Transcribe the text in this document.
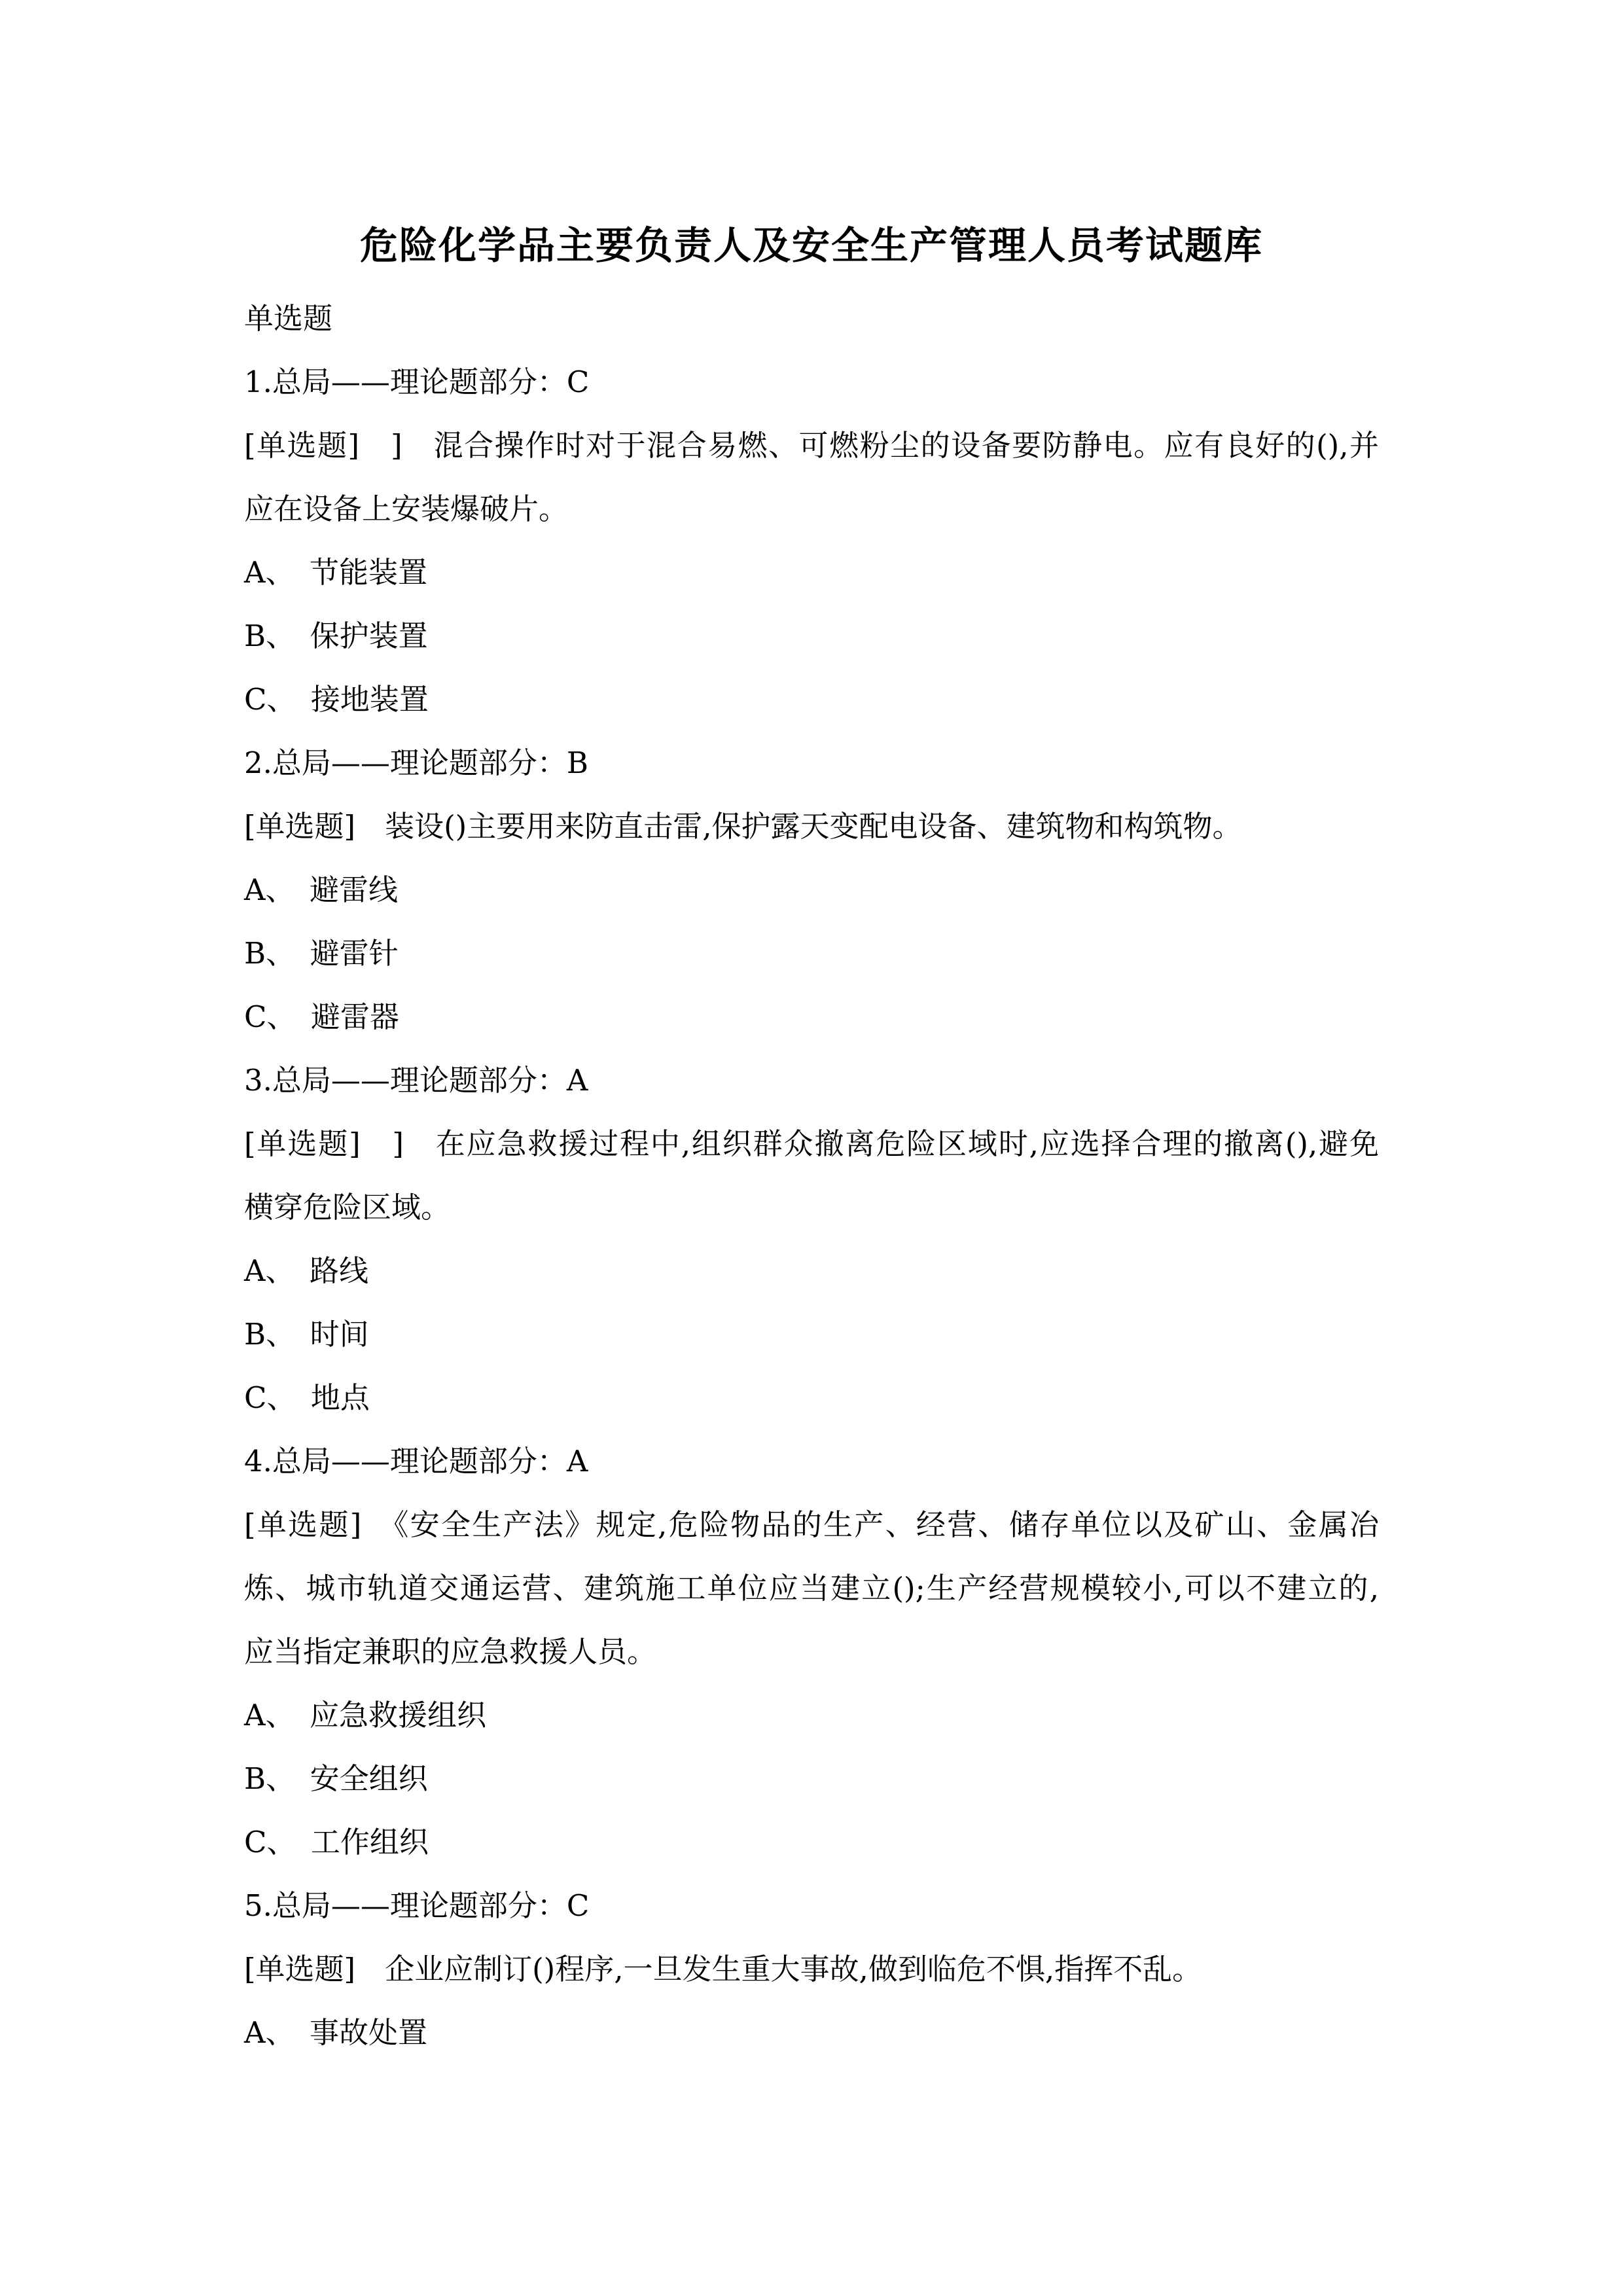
危险化学品主要负责人及安全生产管理人员考试题库
单选题
1.总局——理论题部分：C
[单选题]　]　混合操作时对于混合易燃、可燃粉尘的设备要防静电。应有良好的(),并
应在设备上安装爆破片。
A、　节能装置
B、　保护装置
C、　接地装置
2.总局——理论题部分：B
[单选题]　装设()主要用来防直击雷,保护露天变配电设备、建筑物和构筑物。
A、　避雷线
B、　避雷针
C、　避雷器
3.总局——理论题部分：A
[单选题]　]　在应急救援过程中,组织群众撤离危险区域时,应选择合理的撤离(),避免
横穿危险区域。
A、　路线
B、　时间
C、　地点
4.总局——理论题部分：A
[单选题]　《安全生产法》规定,危险物品的生产、经营、储存单位以及矿山、金属冶
炼、城市轨道交通运营、建筑施工单位应当建立();生产经营规模较小,可以不建立的,
应当指定兼职的应急救援人员。
A、　应急救援组织
B、　安全组织
C、　工作组织
5.总局——理论题部分：C
[单选题]　企业应制订()程序,一旦发生重大事故,做到临危不惧,指挥不乱。
A、　事故处置
